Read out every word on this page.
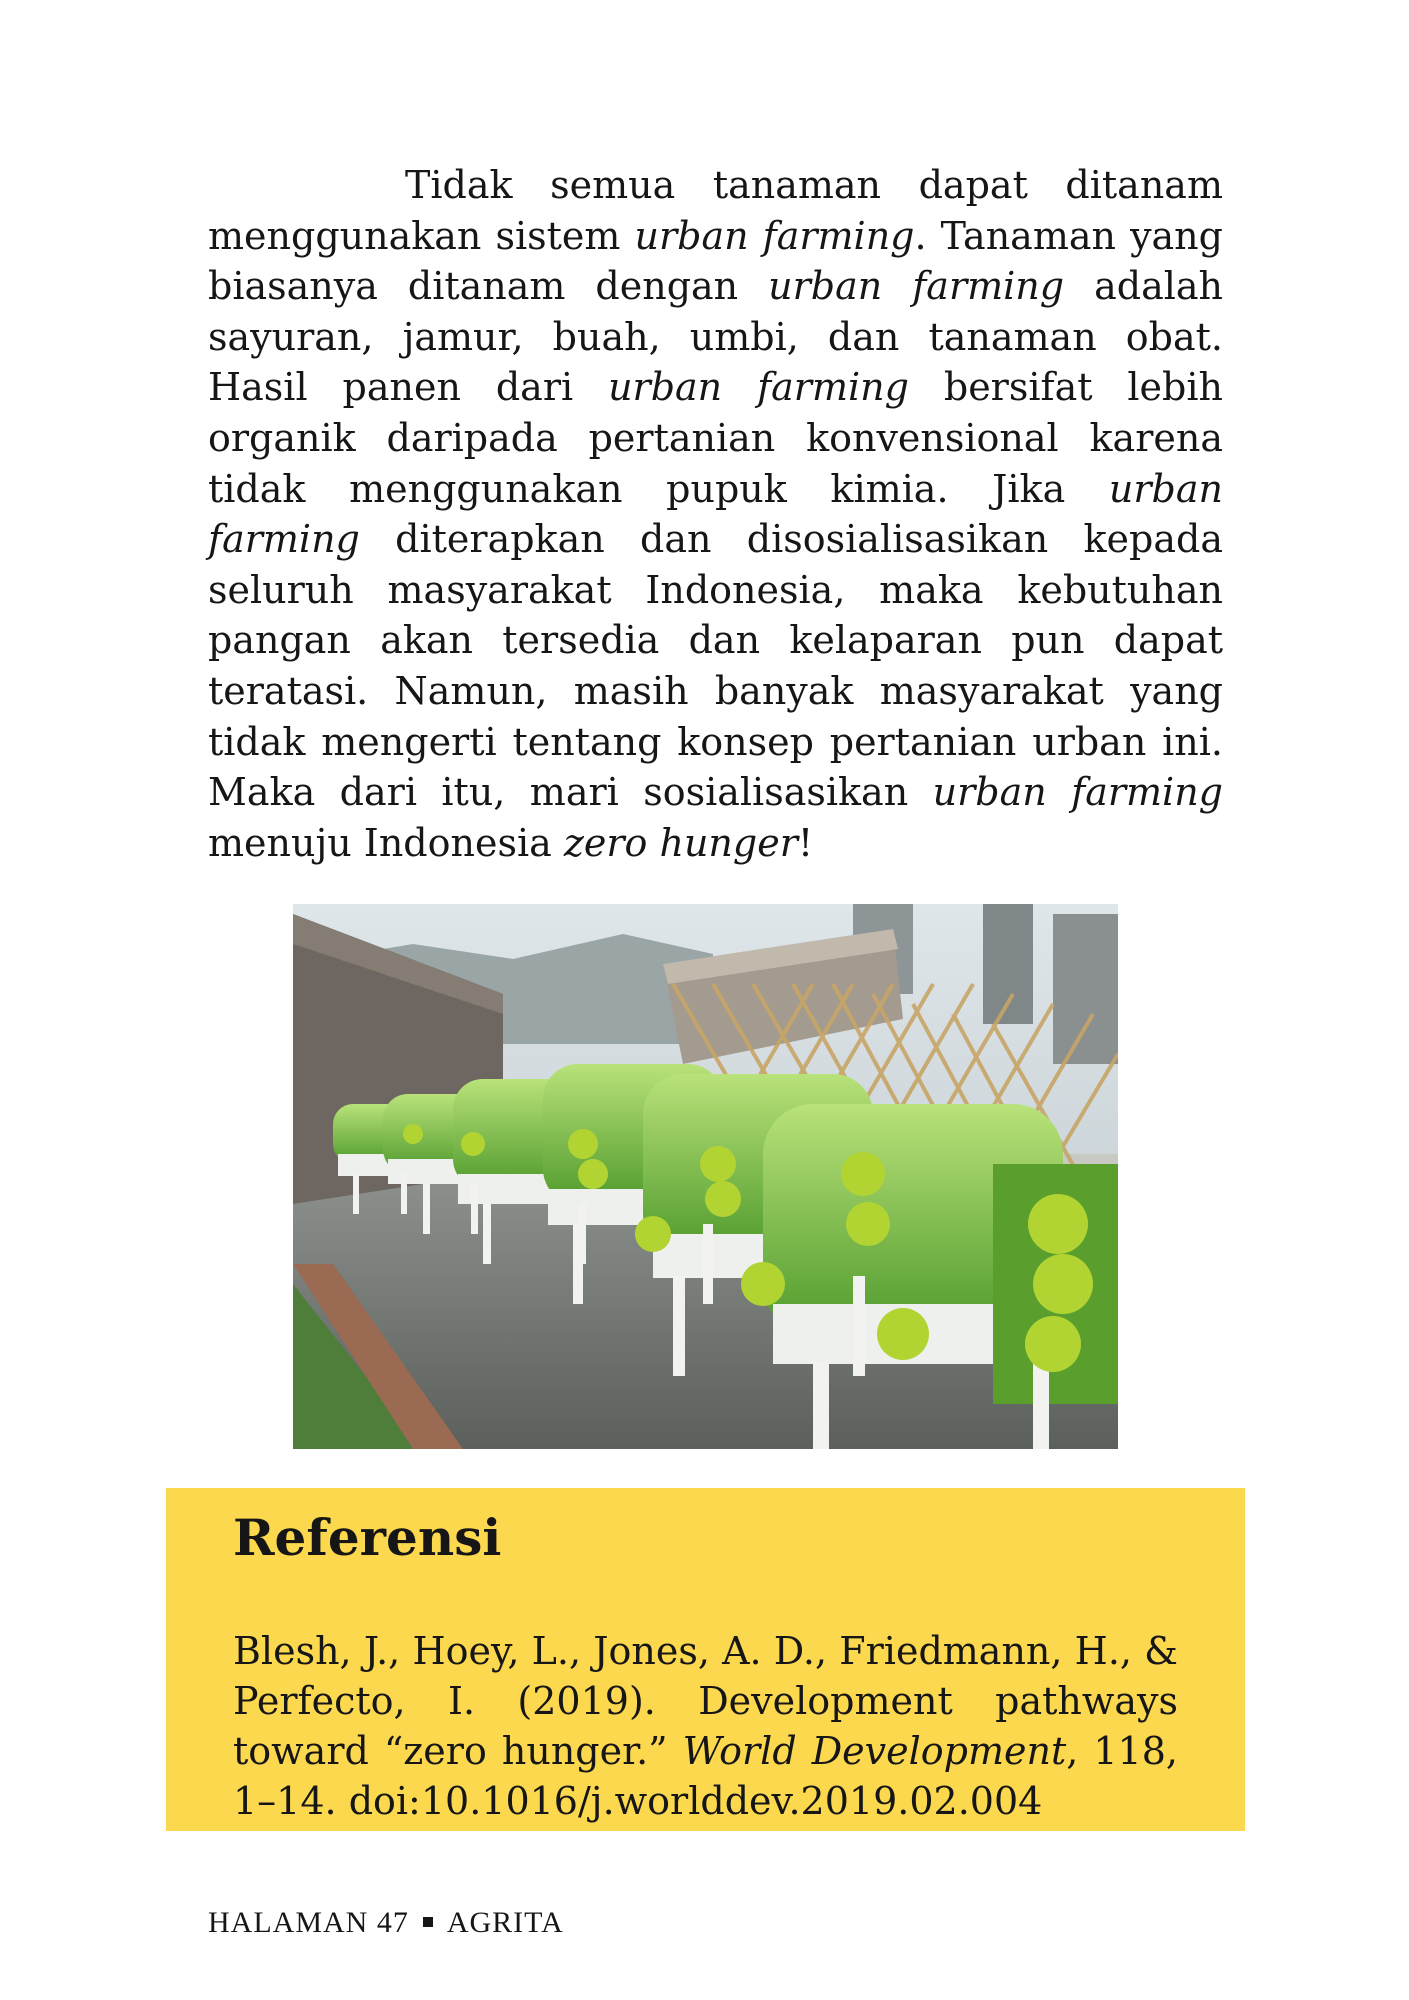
Tidak semua tanaman dapat ditanam menggunakan sistem urban farming. Tanaman yang biasanya ditanam dengan urban farming adalah sayuran, jamur, buah, umbi, dan tanaman obat. Hasil panen dari urban farming bersifat lebih organik daripada pertanian konvensional karena tidak menggunakan pupuk kimia. Jika urban farming diterapkan dan disosialisasikan kepada seluruh masyarakat Indonesia, maka kebutuhan pangan akan tersedia dan kelaparan pun dapat teratasi. Namun, masih banyak masyarakat yang tidak mengerti tentang konsep pertanian urban ini. Maka dari itu, mari sosialisasikan urban farming menuju Indonesia zero hunger!

Referensi

Blesh, J., Hoey, L., Jones, A. D., Friedmann, H., & Perfecto, I. (2019). Development pathways toward “zero hunger.” World Development, 118, 1–14. doi:10.1016/j.worlddev.2019.02.004

HALAMAN 47 AGRITA
